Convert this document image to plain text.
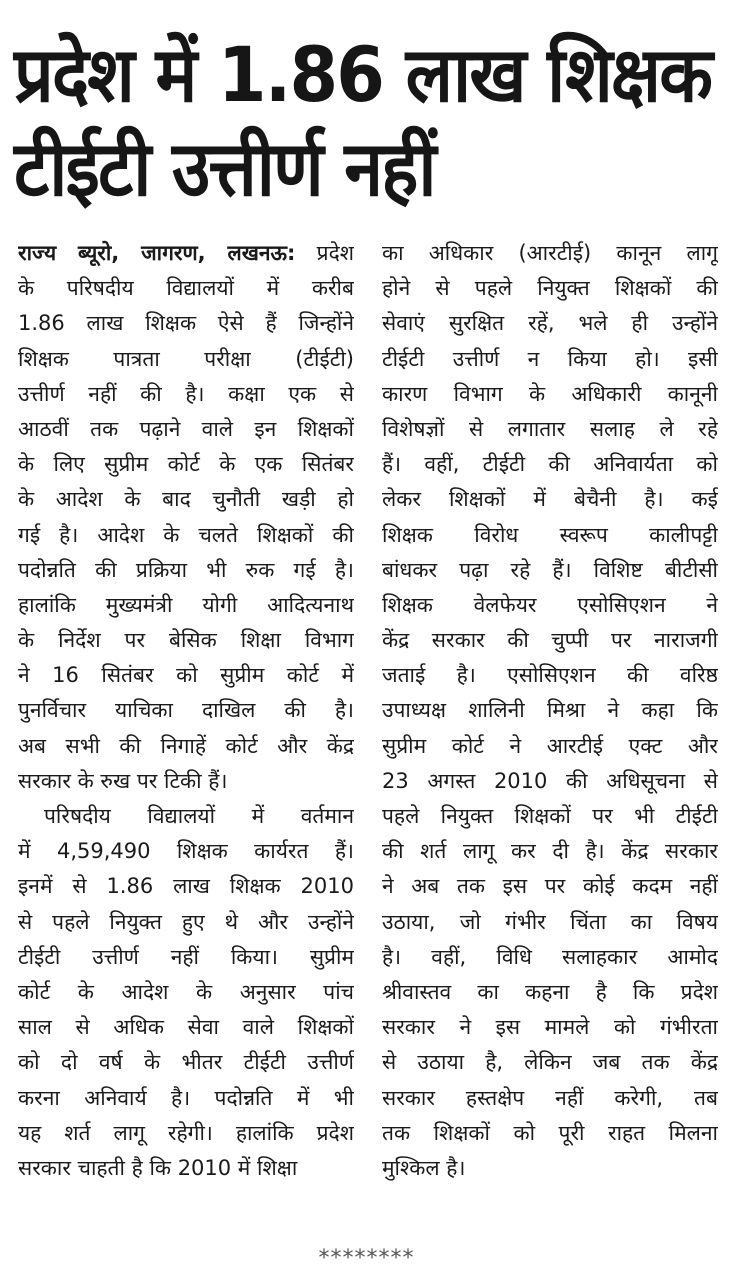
प्रदेश में 1.86 लाख शिक्षक
टीईटी उत्तीर्ण नहीं
राज्य ब्यूरो, जागरण, लखनऊ: प्रदेश
के परिषदीय विद्यालयों में करीब
1.86 लाख शिक्षक ऐसे हैं जिन्होंने
शिक्षक पात्रता परीक्षा (टीईटी)
उत्तीर्ण नहीं की है। कक्षा एक से
आठवीं तक पढ़ाने वाले इन शिक्षकों
के लिए सुप्रीम कोर्ट के एक सितंबर
के आदेश के बाद चुनौती खड़ी हो
गई है। आदेश के चलते शिक्षकों की
पदोन्नति की प्रक्रिया भी रुक गई है।
हालांकि मुख्यमंत्री योगी आदित्यनाथ
के निर्देश पर बेसिक शिक्षा विभाग
ने 16 सितंबर को सुप्रीम कोर्ट में
पुनर्विचार याचिका दाखिल की है।
अब सभी की निगाहें कोर्ट और केंद्र
सरकार के रुख पर टिकी हैं।
परिषदीय विद्यालयों में वर्तमान
में 4,59,490 शिक्षक कार्यरत हैं।
इनमें से 1.86 लाख शिक्षक 2010
से पहले नियुक्त हुए थे और उन्होंने
टीईटी उत्तीर्ण नहीं किया। सुप्रीम
कोर्ट के आदेश के अनुसार पांच
साल से अधिक सेवा वाले शिक्षकों
को दो वर्ष के भीतर टीईटी उत्तीर्ण
करना अनिवार्य है। पदोन्नति में भी
यह शर्त लागू रहेगी। हालांकि प्रदेश
सरकार चाहती है कि 2010 में शिक्षा
का अधिकार (आरटीई) कानून लागू
होने से पहले नियुक्त शिक्षकों की
सेवाएं सुरक्षित रहें, भले ही उन्होंने
टीईटी उत्तीर्ण न किया हो। इसी
कारण विभाग के अधिकारी कानूनी
विशेषज्ञों से लगातार सलाह ले रहे
हैं। वहीं, टीईटी की अनिवार्यता को
लेकर शिक्षकों में बेचैनी है। कई
शिक्षक विरोध स्वरूप कालीपट्टी
बांधकर पढ़ा रहे हैं। विशिष्ट बीटीसी
शिक्षक वेलफेयर एसोसिएशन ने
केंद्र सरकार की चुप्पी पर नाराजगी
जताई है। एसोसिएशन की वरिष्ठ
उपाध्यक्ष शालिनी मिश्रा ने कहा कि
सुप्रीम कोर्ट ने आरटीई एक्ट और
23 अगस्त 2010 की अधिसूचना से
पहले नियुक्त शिक्षकों पर भी टीईटी
की शर्त लागू कर दी है। केंद्र सरकार
ने अब तक इस पर कोई कदम नहीं
उठाया, जो गंभीर चिंता का विषय
है। वहीं, विधि सलाहकार आमोद
श्रीवास्तव का कहना है कि प्रदेश
सरकार ने इस मामले को गंभीरता
से उठाया है, लेकिन जब तक केंद्र
सरकार हस्तक्षेप नहीं करेगी, तब
तक शिक्षकों को पूरी राहत मिलना
मुश्किल है।
********
